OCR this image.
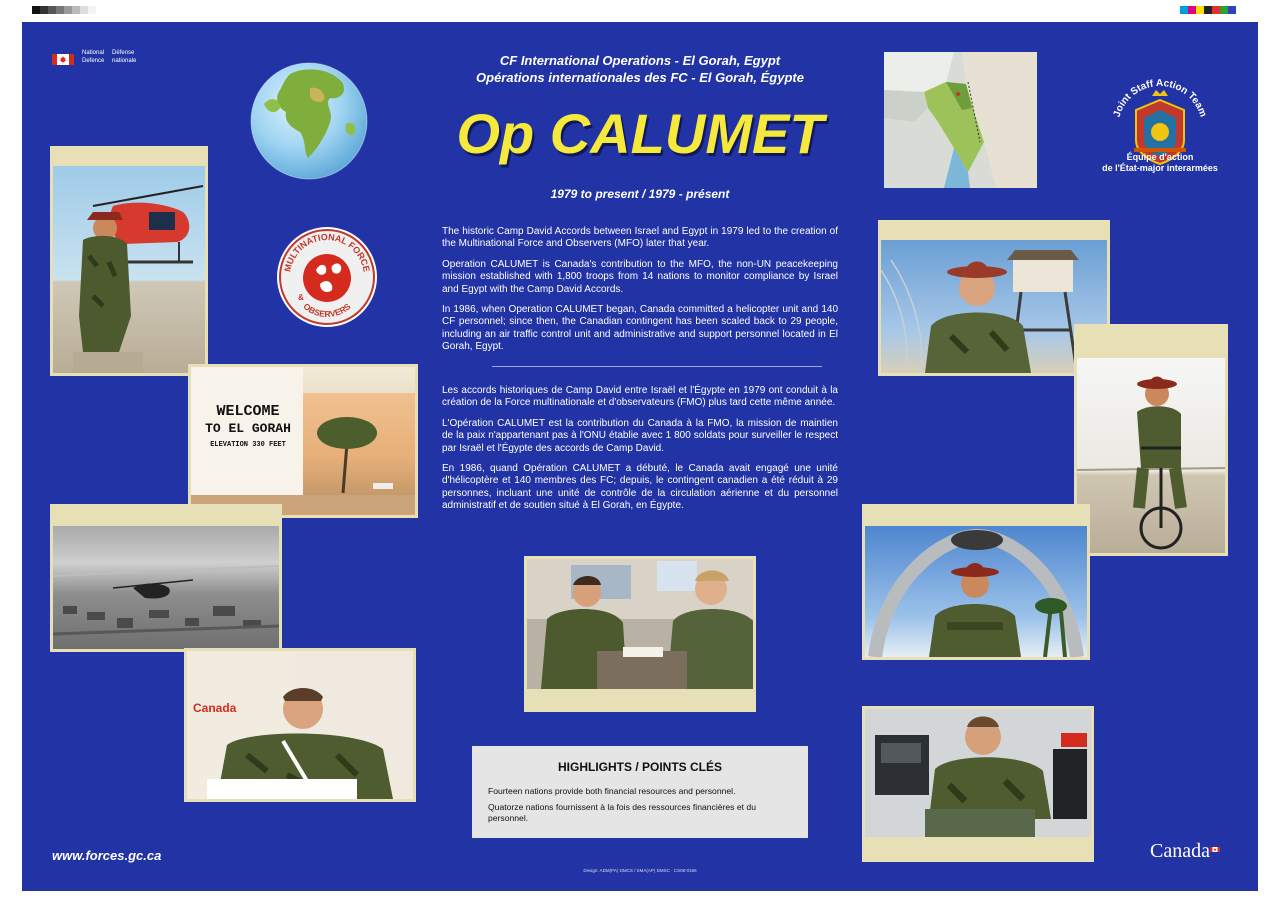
National Defence
Défense nationale	CF International Operations - El Gorah, Egypt
Opérations internationales des FC - El Gorah, Égypte
Op CALUMET
1979 to present / 1979 - présent
Joint Staff Action Team
Équipe d'action
de l'État-major interarmées
MULTINATIONAL FORCE
OBSERVERS
&
WELCOME
TO EL GORAH
ELEVATION 330 FEET
Canada

The historic Camp David Accords between Israel and Egypt in 1979 led to the creation of the Multinational Force and Observers (MFO) later that year.

Operation CALUMET is Canada's contribution to the MFO, the non-UN peacekeeping mission established with 1,800 troops from 14 nations to monitor compliance by Israel and Egypt with the Camp David Accords.

In 1986, when Operation CALUMET began, Canada committed a helicopter unit and 140 CF personnel; since then, the Canadian contingent has been scaled back to 29 people, including an air traffic control unit and administrative and support personnel located in El Gorah, Egypt.

Les accords historiques de Camp David entre Israël et l'Égypte en 1979 ont conduit à la création de la Force multinationale et d'observateurs (FMO) plus tard cette même année.

L'Opération CALUMET est la contribution du Canada à la FMO, la mission de maintien de la paix n'appartenant pas à l'ONU établie avec 1 800 soldats pour surveiller le respect par Israël et l'Égypte des accords de Camp David.

En 1986, quand Opération CALUMET a débuté, le Canada avait engagé une unité d'hélicoptère et 140 membres des FC; depuis, le contingent canadien a été réduit à 29 personnes, incluant une unité de contrôle de la circulation aérienne et du personnel administratif et de soutien situé à El Gorah, en Égypte.

HIGHLIGHTS / POINTS CLÉS
Fourteen nations provide both financial resources and personnel.
Quatorze nations fournissent à la fois des ressources financières et du personnel.
www.forces.gc.ca
Design: ADM(PA) DMCS / SMA(AP) DMSC · CS08-0166
Canada
